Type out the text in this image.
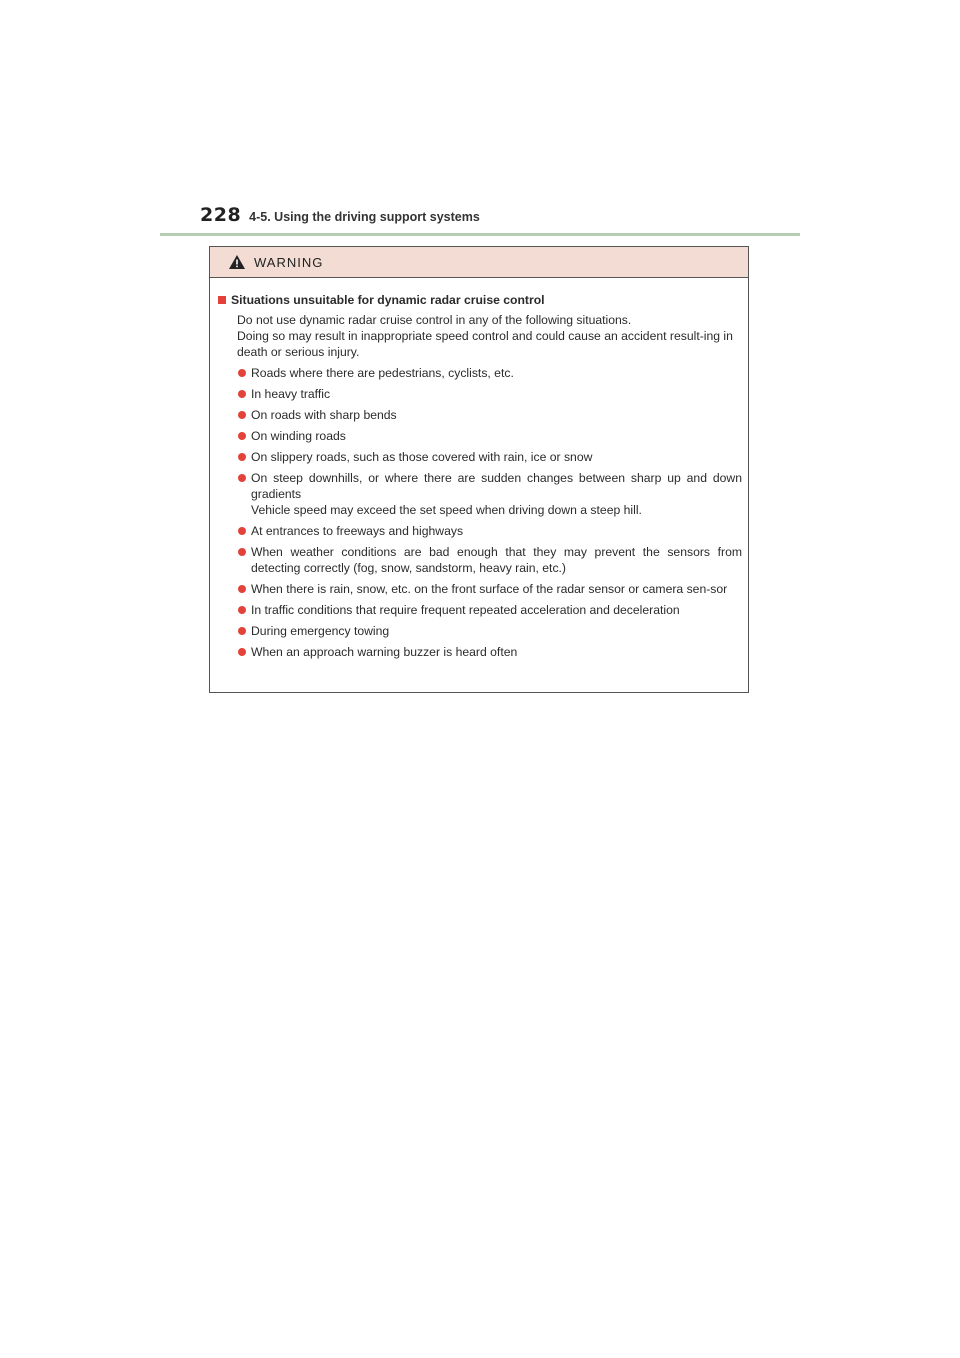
228 4-5. Using the driving support systems
WARNING
Situations unsuitable for dynamic radar cruise control

Do not use dynamic radar cruise control in any of the following situations.

Doing so may result in inappropriate speed control and could cause an accident result-ing in death or serious injury.

Roads where there are pedestrians, cyclists, etc.
In heavy traffic
On roads with sharp bends
On winding roads
On slippery roads, such as those covered with rain, ice or snow
On steep downhills, or where there are sudden changes between sharp up and down gradients
Vehicle speed may exceed the set speed when driving down a steep hill.
At entrances to freeways and highways
When weather conditions are bad enough that they may prevent the sensors from detecting correctly (fog, snow, sandstorm, heavy rain, etc.)
When there is rain, snow, etc. on the front surface of the radar sensor or camera sen-sor
In traffic conditions that require frequent repeated acceleration and deceleration
During emergency towing
When an approach warning buzzer is heard often
